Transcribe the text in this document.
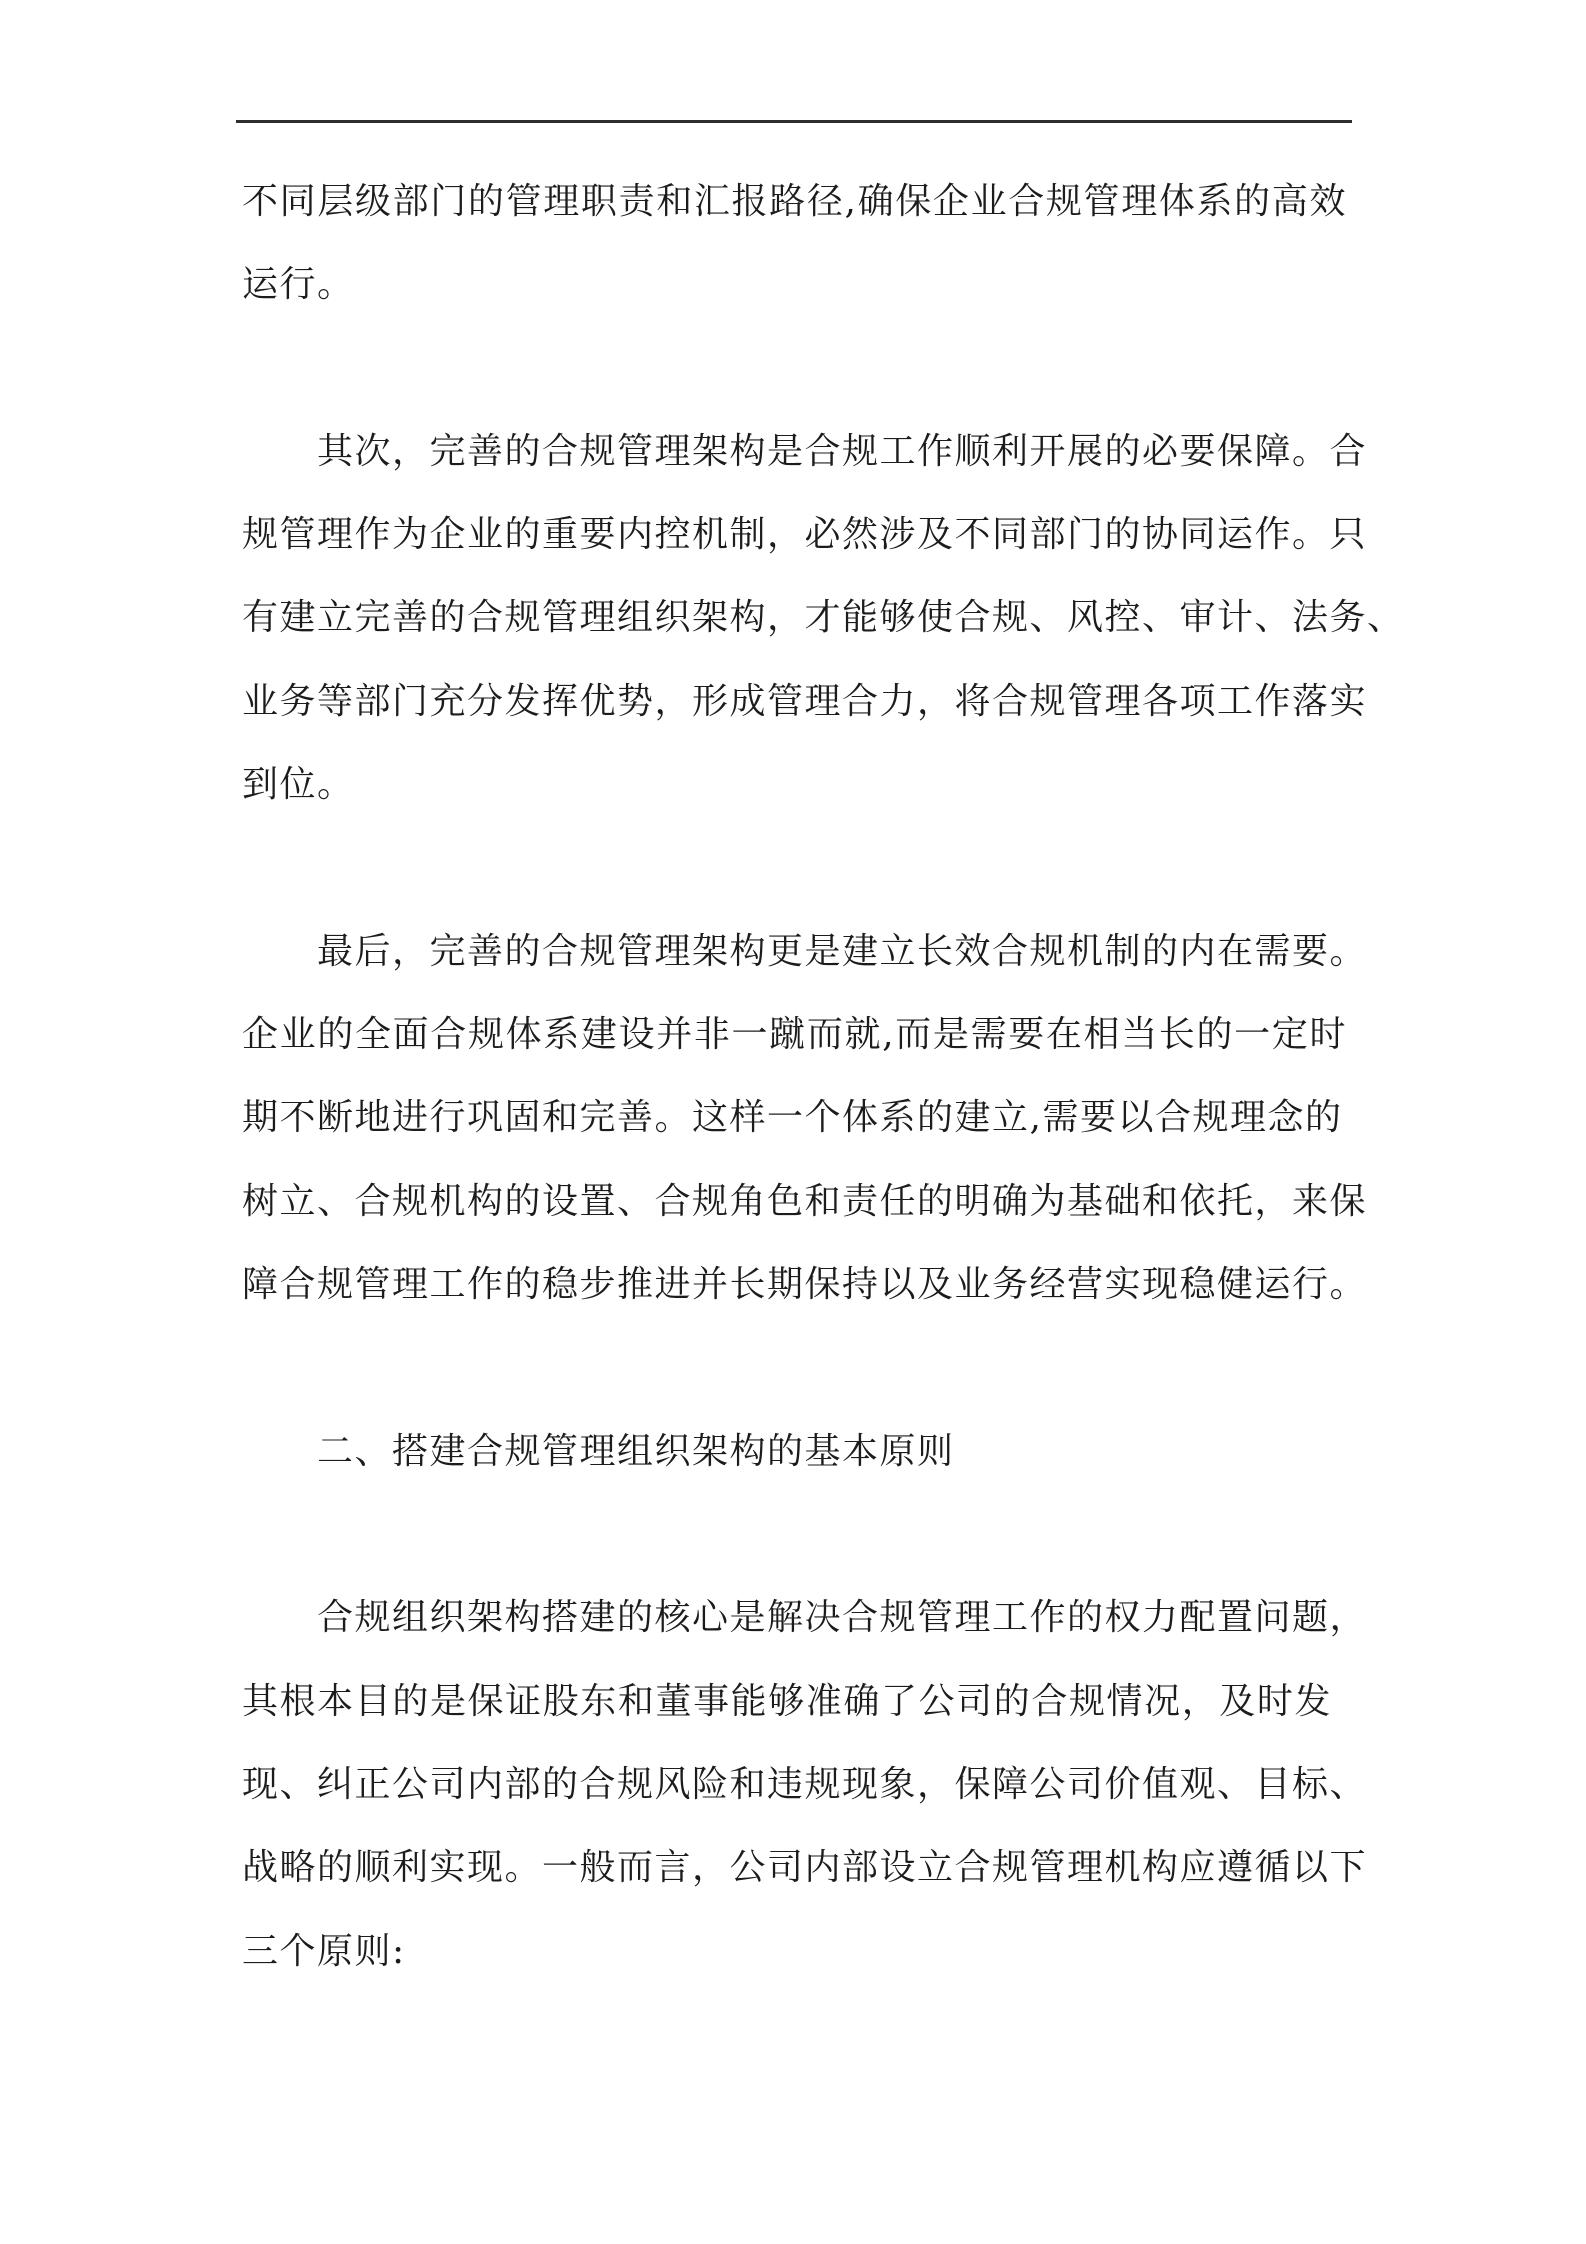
不同层级部门的管理职责和汇报路径,确保企业合规管理体系的高效
运行。
其次，完善的合规管理架构是合规工作顺利开展的必要保障。合
规管理作为企业的重要内控机制，必然涉及不同部门的协同运作。只
有建立完善的合规管理组织架构，才能够使合规、风控、审计、法务、
业务等部门充分发挥优势，形成管理合力，将合规管理各项工作落实
到位。
最后，完善的合规管理架构更是建立长效合规机制的内在需要。
企业的全面合规体系建设并非一蹴而就,而是需要在相当长的一定时
期不断地进行巩固和完善。这样一个体系的建立,需要以合规理念的
树立、合规机构的设置、合规角色和责任的明确为基础和依托，来保
障合规管理工作的稳步推进并长期保持以及业务经营实现稳健运行。
二、搭建合规管理组织架构的基本原则
合规组织架构搭建的核心是解决合规管理工作的权力配置问题，
其根本目的是保证股东和董事能够准确了公司的合规情况，及时发
现、纠正公司内部的合规风险和违规现象，保障公司价值观、目标、
战略的顺利实现。一般而言，公司内部设立合规管理机构应遵循以下
三个原则:
